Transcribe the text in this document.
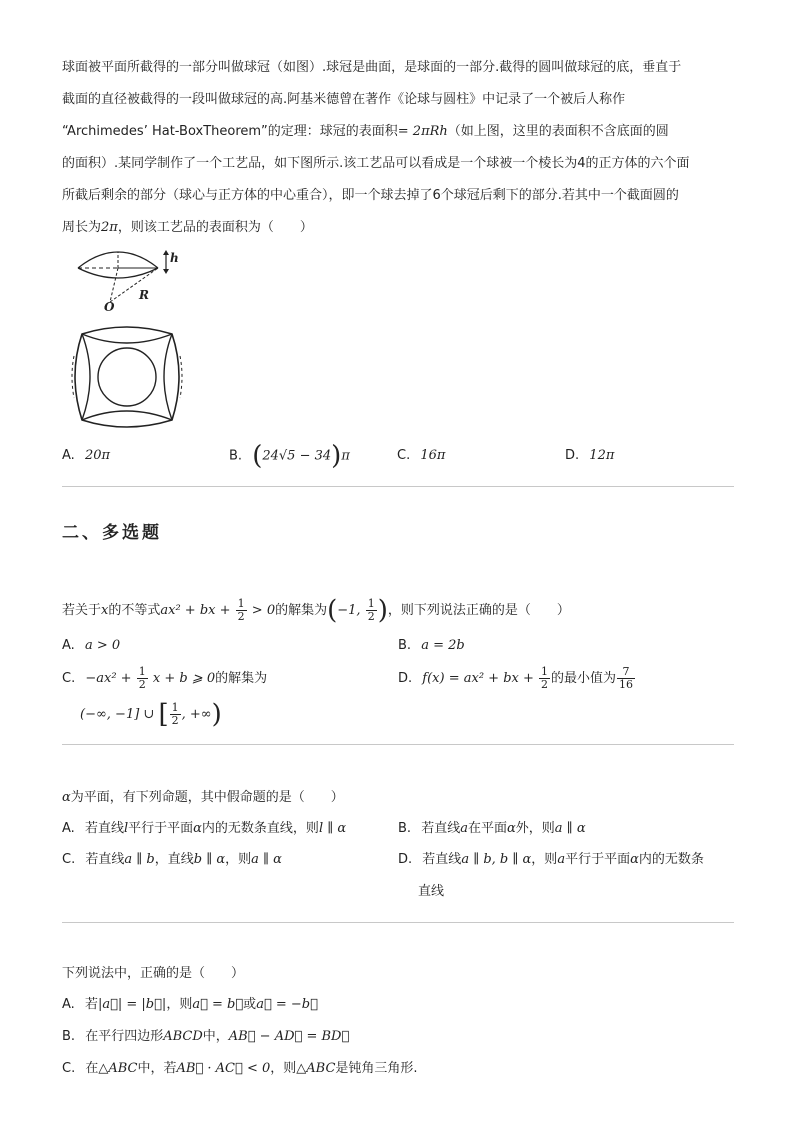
球面被平面所截得的一部分叫做球冠（如图）.球冠是曲面，是球面的一部分.截得的圆叫做球冠的底，垂直于
截面的直径被截得的一段叫做球冠的高.阿基米德曾在著作《论球与圆柱》中记录了一个被后人称作
“Archimedes’ Hat-BoxTheorem”的定理：球冠的表面积= 2πRh（如上图，这里的表面积不含底面的圆
的面积）.某同学制作了一个工艺品，如下图所示.该工艺品可以看成是一个球被一个棱长为4的正方体的六个面
所截后剩余的部分（球心与正方体的中心重合），即一个球去掉了6个球冠后剩下的部分.若其中一个截面圆的
周长为2π，则该工艺品的表面积为（　　）
h
R
O
A. 20π	B. (24√5 − 34)π	C. 16π	D. 12π
二、多选题
若关于x的不等式ax² + bx + $\frac{1}{2} > 0$的解集为(−1, $\frac{1}{2}$ )，则下列说法正确的是（　　）
A. a > 0	B. a = 2b
C. $-ax^2 + \frac{1}{2}$ x + b ⩾ 0的解集为
(−∞, −1] ∪ [ $\frac{1}{2}$ , +∞)
D. f(x) = ax² + bx + $\frac{1}{2}$ 的最小值为 $\frac{7}{16}$
α为平面，有下列命题，其中假命题的是（　　）
A. 若直线l平行于平面α内的无数条直线，则l ∥ α	B. 若直线a在平面α外，则a ∥ α
C. 若直线a ∥ b，直线b ∥ α，则a ∥ α	D. 若直线a ∥ b, b ∥ α，则a平行于平面α内的无数条
直线
下列说法中，正确的是（　　）
A. 若|a⃗| = |b⃗|，则a⃗ = b⃗或a⃗ = −b⃗
B. 在平行四边形ABCD中，AB⃗ − AD⃗ = BD⃗
C. 在△ABC中，若AB⃗ · AC⃗ < 0，则△ABC是钝角三角形.
